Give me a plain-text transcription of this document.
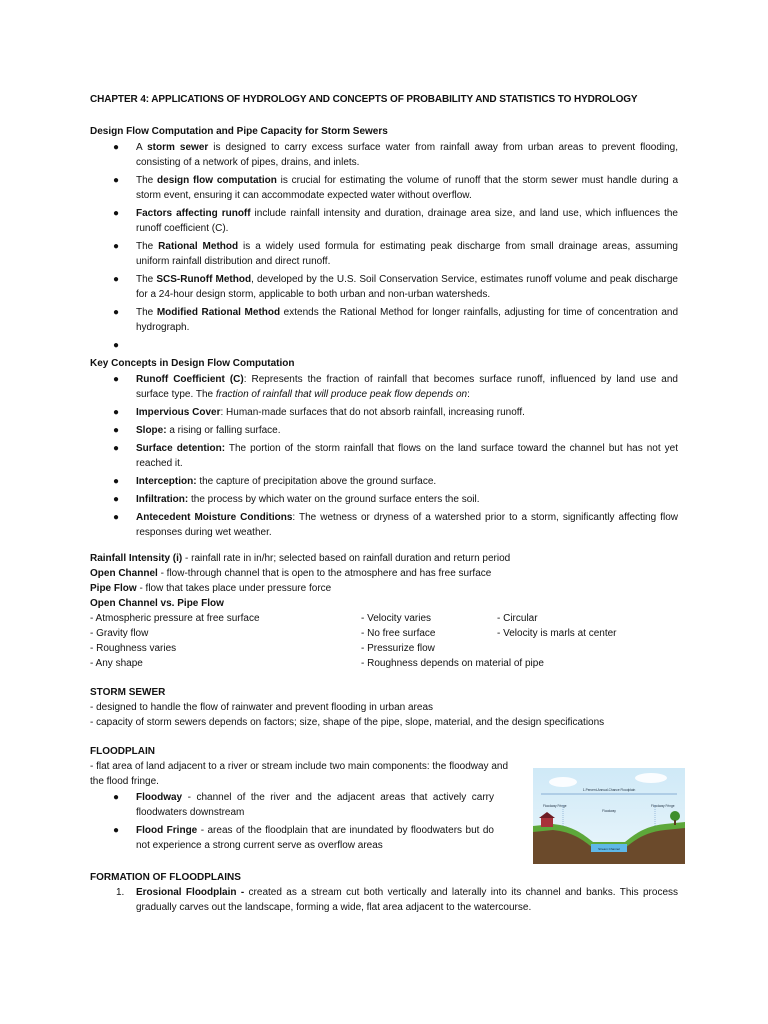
CHAPTER 4: APPLICATIONS OF HYDROLOGY AND CONCEPTS OF PROBABILITY AND STATISTICS TO HYDROLOGY
Design Flow Computation and Pipe Capacity for Storm Sewers
● A storm sewer is designed to carry excess surface water from rainfall away from urban areas to prevent flooding, consisting of a network of pipes, drains, and inlets.
● The design flow computation is crucial for estimating the volume of runoff that the storm sewer must handle during a storm event, ensuring it can accommodate expected water without overflow.
● Factors affecting runoff include rainfall intensity and duration, drainage area size, and land use, which influences the runoff coefficient (C).
● The Rational Method is a widely used formula for estimating peak discharge from small drainage areas, assuming uniform rainfall distribution and direct runoff.
● The SCS-Runoff Method, developed by the U.S. Soil Conservation Service, estimates runoff volume and peak discharge for a 24-hour design storm, applicable to both urban and non-urban watersheds.
● The Modified Rational Method extends the Rational Method for longer rainfalls, adjusting for time of concentration and hydrograph.
●
Key Concepts in Design Flow Computation
● Runoff Coefficient (C): Represents the fraction of rainfall that becomes surface runoff, influenced by land use and surface type. The fraction of rainfall that will produce peak flow depends on:
● Impervious Cover: Human-made surfaces that do not absorb rainfall, increasing runoff.
● Slope: a rising or falling surface.
● Surface detention: The portion of the storm rainfall that flows on the land surface toward the channel but has not yet reached it.
● Interception: the capture of precipitation above the ground surface.
● Infiltration: the process by which water on the ground surface enters the soil.
● Antecedent Moisture Conditions: The wetness or dryness of a watershed prior to a storm, significantly affecting flow responses during wet weather.
Rainfall Intensity (i) - rainfall rate in in/hr; selected based on rainfall duration and return period
Open Channel - flow-through channel that is open to the atmosphere and has free surface
Pipe Flow - flow that takes place under pressure force
Open Channel vs. Pipe Flow
- Atmospheric pressure at free surface
- Gravity flow
- Roughness varies
- Any shape
- Velocity varies
- No free surface
- Pressurize flow
- Roughness depends on material of pipe
- Circular
- Velocity is marls at center
STORM SEWER
- designed to handle the flow of rainwater and prevent flooding in urban areas
- capacity of storm sewers depends on factors; size, shape of the pipe, slope, material, and the design specifications
FLOODPLAIN
- flat area of land adjacent to a river or stream include two main components: the floodway and the flood fringe.
● Floodway - channel of the river and the adjacent areas that actively carry floodwaters downstream
● Flood Fringe - areas of the floodplain that are inundated by floodwaters but do not experience a strong current serve as overflow areas
FORMATION OF FLOODPLAINS
1. Erosional Floodplain - created as a stream cut both vertically and laterally into its channel and banks. This process gradually carves out the landscape, forming a wide, flat area adjacent to the watercourse.
1-Percent-Annual-Chance Floodplain
Floodway Fringe
Floodway
Floodway Fringe
Stream Channel
